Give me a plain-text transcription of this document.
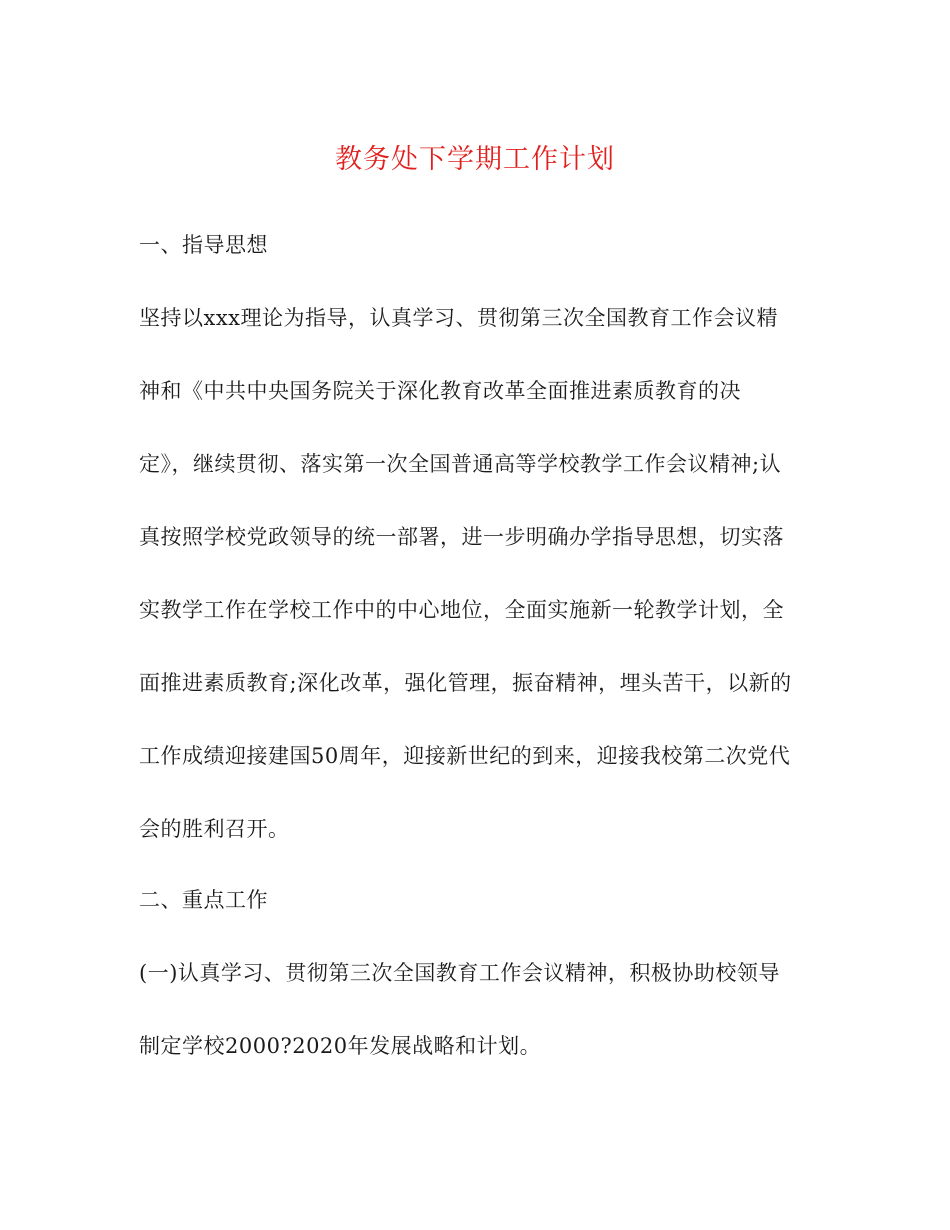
教务处下学期工作计划
一、指导思想
坚持以xxx理论为指导，认真学习、贯彻第三次全国教育工作会议精
神和《中共中央国务院关于深化教育改革全面推进素质教育的决
定》，继续贯彻、落实第一次全国普通高等学校教学工作会议精神;认
真按照学校党政领导的统一部署，进一步明确办学指导思想，切实落
实教学工作在学校工作中的中心地位，全面实施新一轮教学计划，全
面推进素质教育;深化改革，强化管理，振奋精神，埋头苦干，以新的
工作成绩迎接建国50周年，迎接新世纪的到来，迎接我校第二次党代
会的胜利召开。
二、重点工作
(一)认真学习、贯彻第三次全国教育工作会议精神，积极协助校领导
制定学校2000?2020年发展战略和计划。
